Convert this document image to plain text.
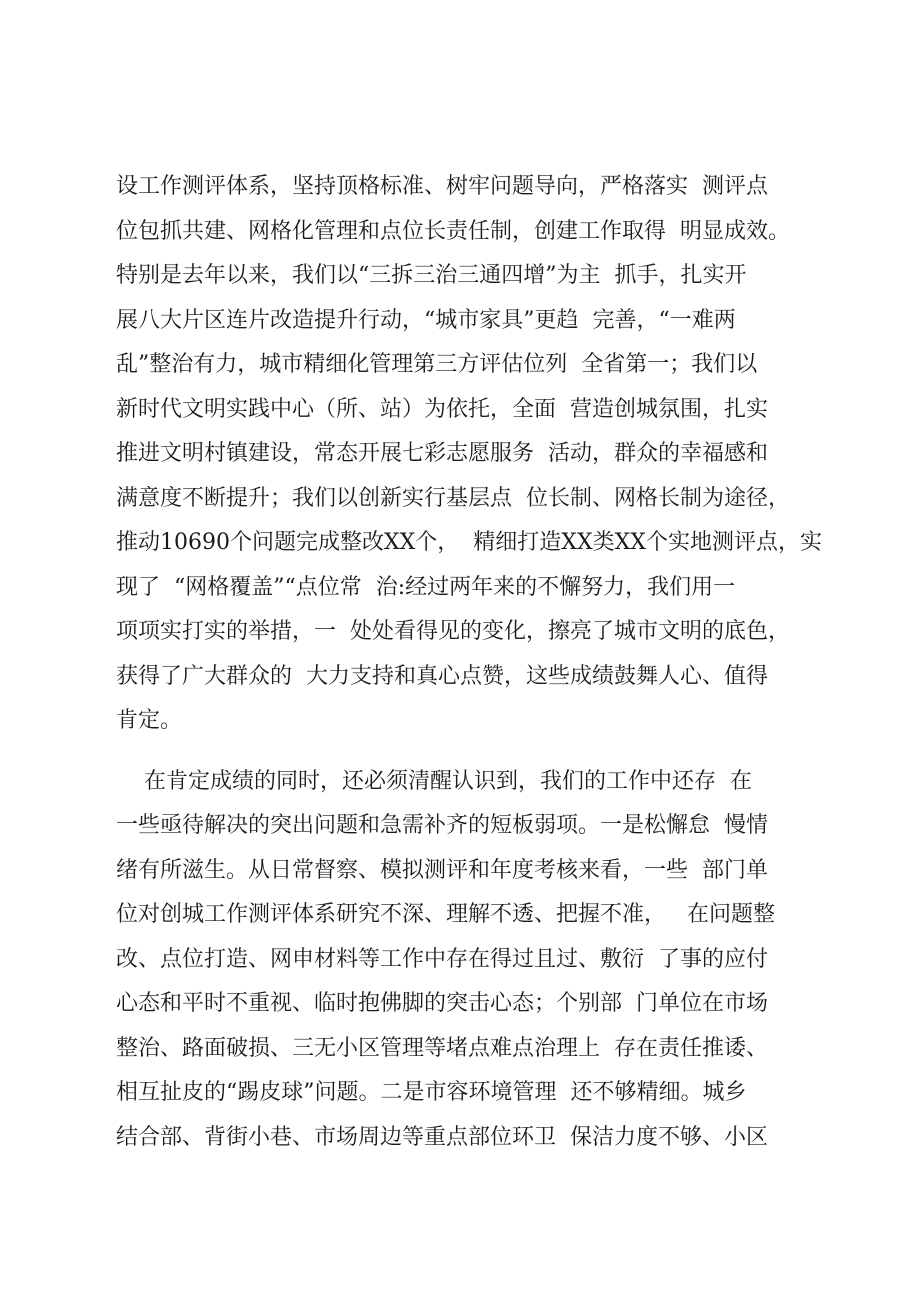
设工作测评体系，坚持顶格标准、树牢问题导向，严格落实  测评点
位包抓共建、网格化管理和点位长责任制，创建工作取得  明显成效。
特别是去年以来，我们以“三拆三治三通四增”为主  抓手，扎实开
展八大片区连片改造提升行动，“城市家具”更趋  完善，“一难两
乱”整治有力，城市精细化管理第三方评估位列  全省第一；我们以
新时代文明实践中心（所、站）为依托，全面  营造创城氛围，扎实
推进文明村镇建设，常态开展七彩志愿服务  活动，群众的幸福感和
满意度不断提升；我们以创新实行基层点  位长制、网格长制为途径，
推动10690个问题完成整改XX个，  精细打造XX类XX个实地测评点，实
现了  “网格覆盖”“点位常  治:经过两年来的不懈努力，我们用一
项项实打实的举措，一  处处看得见的变化，擦亮了城市文明的底色，
获得了广大群众的  大力支持和真心点赞，这些成绩鼓舞人心、值得
肯定。
在肯定成绩的同时，还必须清醒认识到，我们的工作中还存  在
一些亟待解决的突出问题和急需补齐的短板弱项。一是松懈怠  慢情
绪有所滋生。从日常督察、模拟测评和年度考核来看，一些  部门单
位对创城工作测评体系研究不深、理解不透、把握不准，   在问题整
改、点位打造、网申材料等工作中存在得过且过、敷衍  了事的应付
心态和平时不重视、临时抱佛脚的突击心态；个别部  门单位在市场
整治、路面破损、三无小区管理等堵点难点治理上  存在责任推诿、
相互扯皮的“踢皮球”问题。二是市容环境管理  还不够精细。城乡
结合部、背街小巷、市场周边等重点部位环卫  保洁力度不够、小区
